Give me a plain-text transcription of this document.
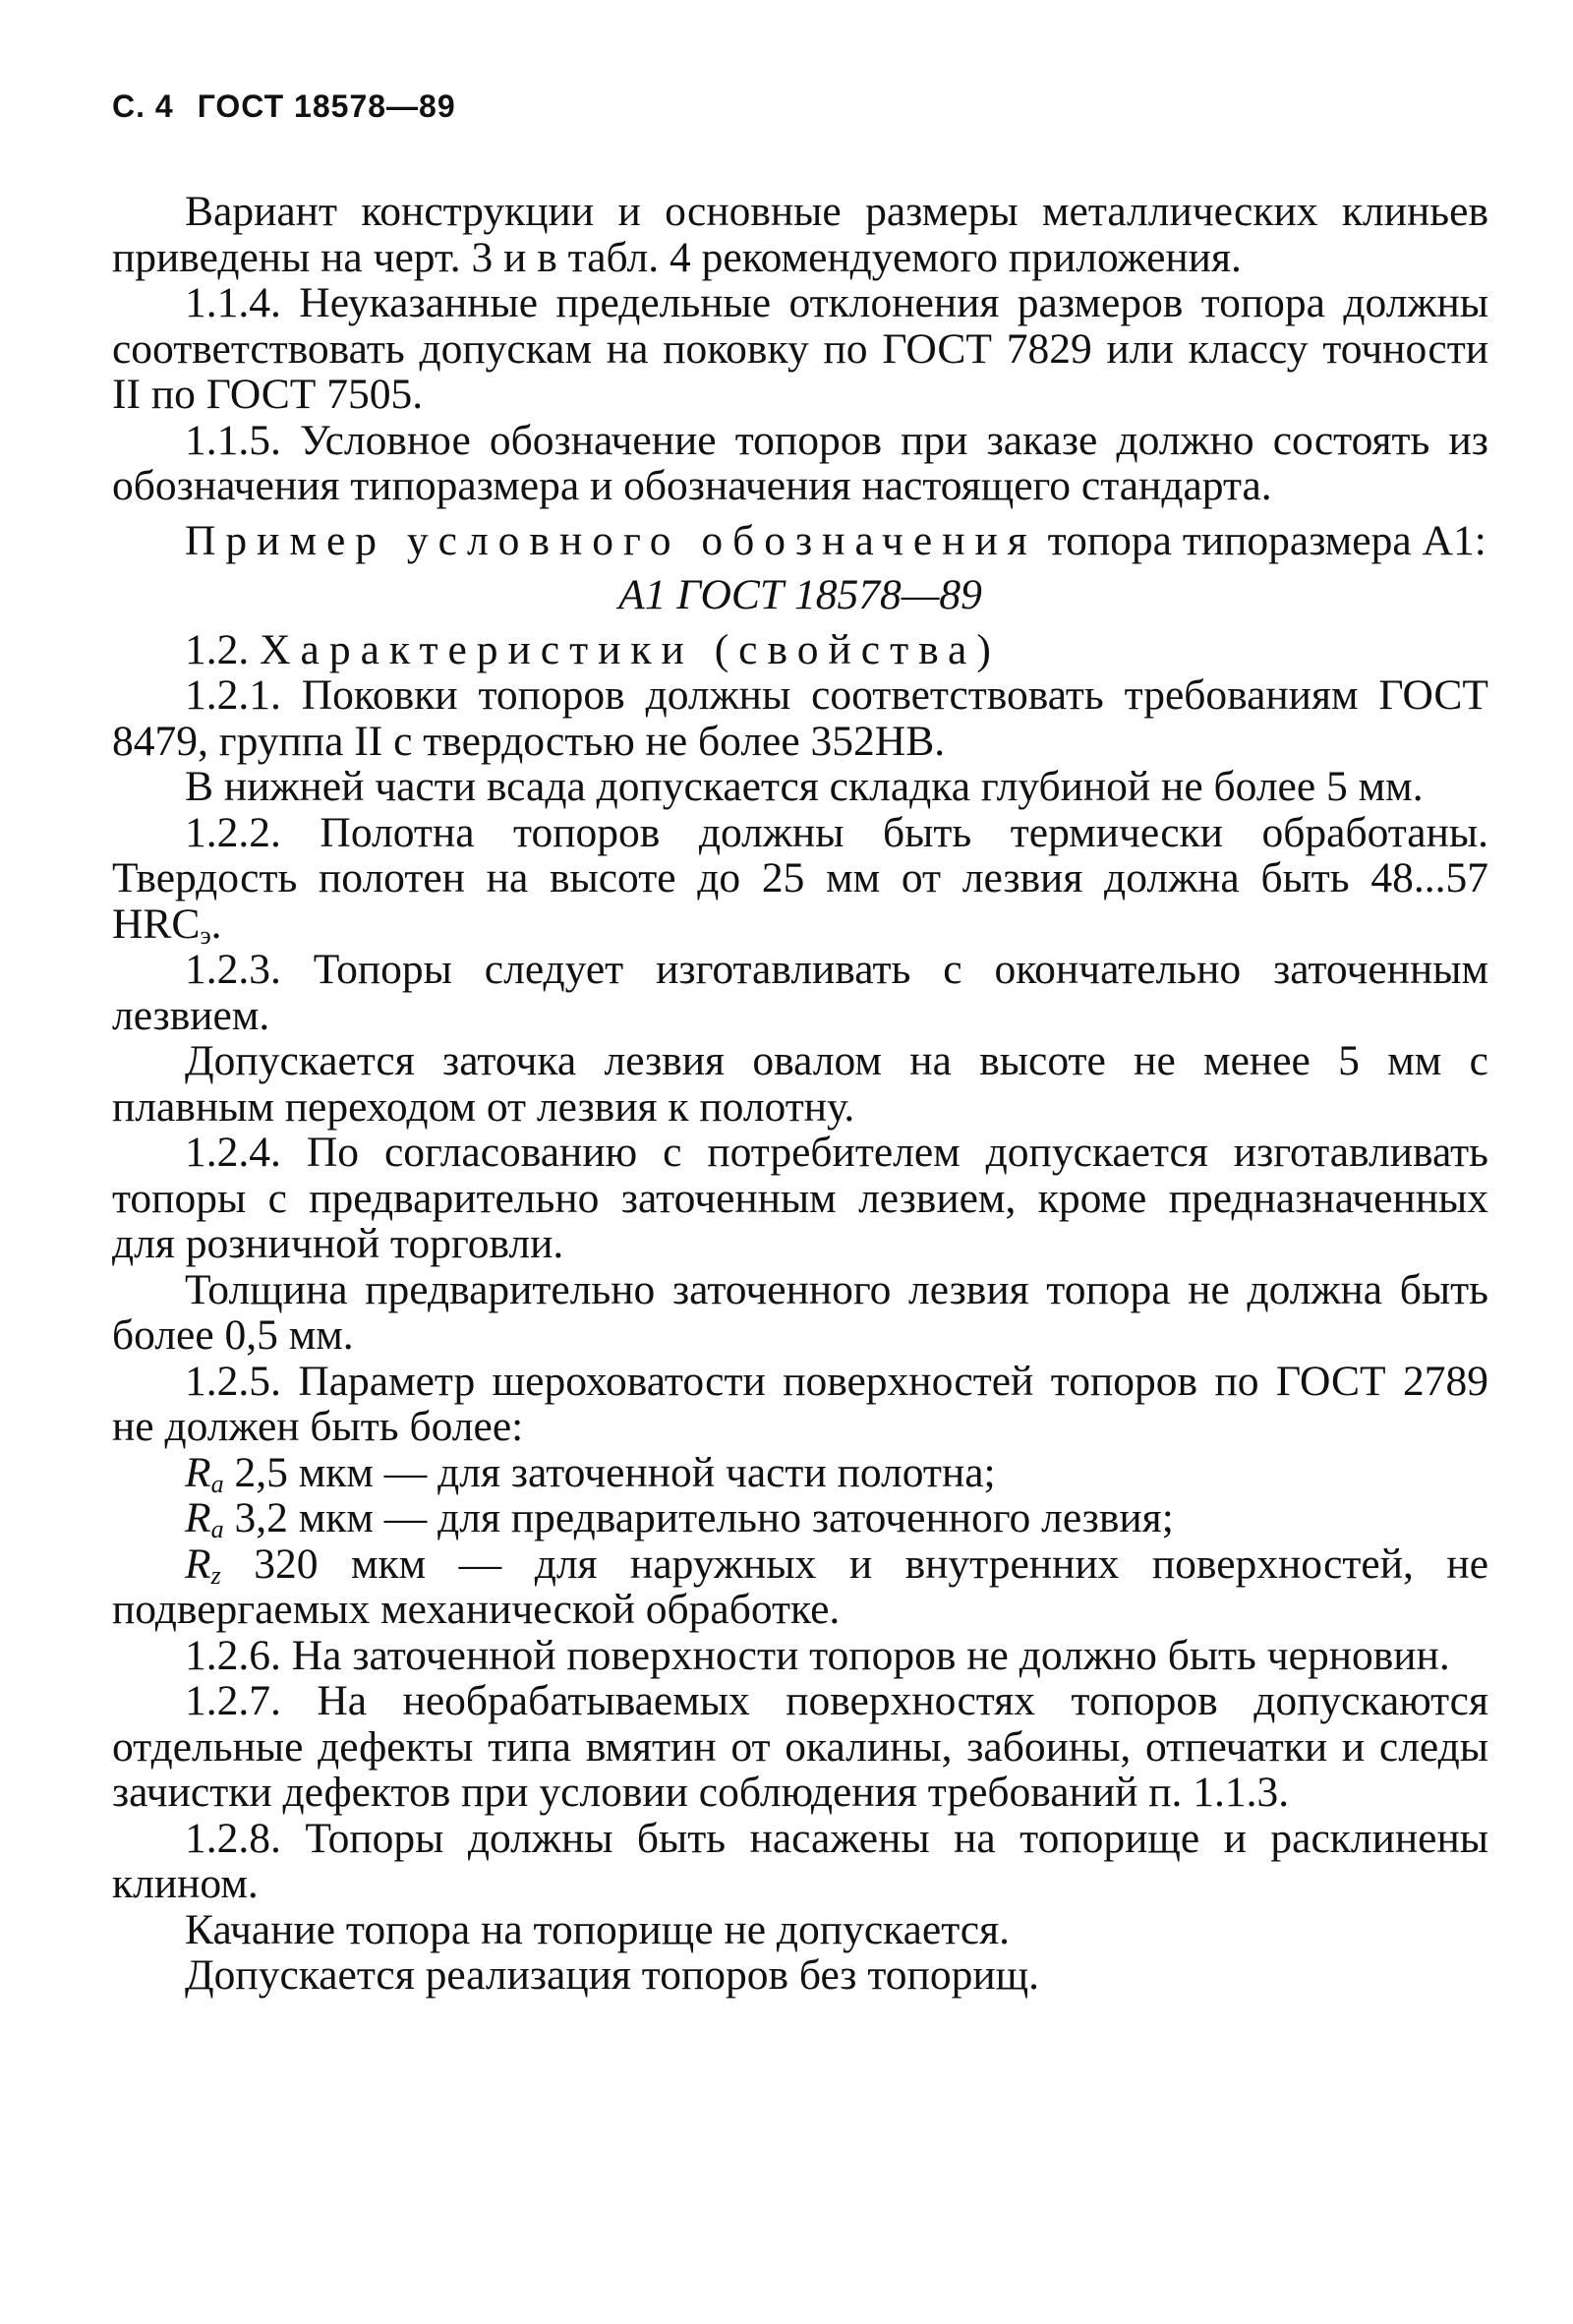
С. 4 ГОСТ 18578—89

Вариант конструкции и основные размеры металлических клиньев приведены на черт. 3 и в табл. 4 рекомендуемого приложения.

1.1.4. Неуказанные предельные отклонения размеров топора должны соответствовать допускам на поковку по ГОСТ 7829 или классу точности II по ГОСТ 7505.

1.1.5. Условное обозначение топоров при заказе должно состоять из обозначения типоразмера и обозначения настоящего стандарта.

Пример условного обозначения топора типоразмера А1:

А1 ГОСТ 18578—89

1.2. Характеристики (свойства)

1.2.1. Поковки топоров должны соответствовать требованиям ГОСТ 8479, группа II с твердостью не более 352НВ.

В нижней части всада допускается складка глубиной не более 5 мм.

1.2.2. Полотна топоров должны быть термически обработаны. Твердость полотен на высоте до 25 мм от лезвия должна быть 48...57 $HRC_э$.

1.2.3. Топоры следует изготавливать с окончательно заточенным лезвием.

Допускается заточка лезвия овалом на высоте не менее 5 мм с плавным переходом от лезвия к полотну.

1.2.4. По согласованию с потребителем допускается изготавливать топоры с предварительно заточенным лезвием, кроме предназначенных для розничной торговли.

Толщина предварительно заточенного лезвия топора не должна быть более 0,5 мм.

1.2.5. Параметр шероховатости поверхностей топоров по ГОСТ 2789 не должен быть более:

$R_a$ 2,5 мкм — для заточенной части полотна;

$R_a$ 3,2 мкм — для предварительно заточенного лезвия;

$R_z$ 320 мкм — для наружных и внутренних поверхностей, не подвергаемых механической обработке.

1.2.6. На заточенной поверхности топоров не должно быть черновин.

1.2.7. На необрабатываемых поверхностях топоров допускаются отдельные дефекты типа вмятин от окалины, забоины, отпечатки и следы зачистки дефектов при условии соблюдения требований п. 1.1.3.

1.2.8. Топоры должны быть насажены на топорище и расклинены клином.

Качание топора на топорище не допускается.

Допускается реализация топоров без топорищ.
